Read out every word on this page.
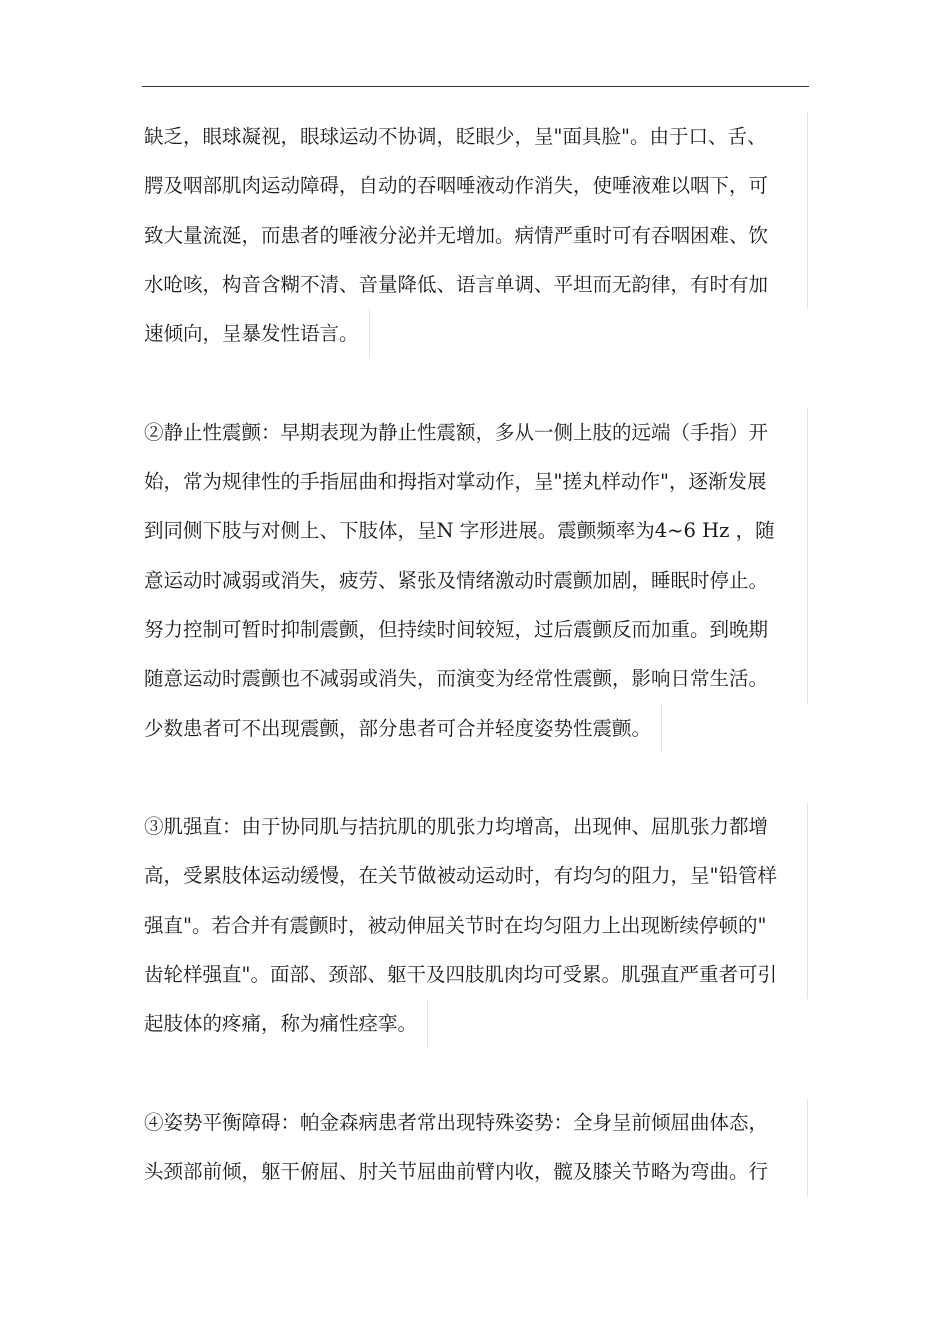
缺乏，眼球凝视，眼球运动不协调，眨眼少，呈"面具脸"。由于口、舌、
腭及咽部肌肉运动障碍，自动的吞咽唾液动作消失，使唾液难以咽下，可
致大量流涎，而患者的唾液分泌并无增加。病情严重时可有吞咽困难、饮
水呛咳，构音含糊不清、音量降低、语言单调、平坦而无韵律，有时有加
速倾向，呈暴发性语言。
②静止性震颤：早期表现为静止性震额，多从一侧上肢的远端（手指）开
始，常为规律性的手指屈曲和拇指对掌动作，呈"搓丸样动作"，逐渐发展
到同侧下肢与对侧上、下肢体，呈N 字形进展。震颤频率为4~6 Hz ，随
意运动时减弱或消失，疲劳、紧张及情绪激动时震颤加剧，睡眠时停止。
努力控制可暂时抑制震颤，但持续时间较短，过后震颤反而加重。到晚期
随意运动时震颤也不减弱或消失，而演变为经常性震颤，影响日常生活。
少数患者可不出现震颤，部分患者可合并轻度姿势性震颤。
③肌强直：由于协同肌与拮抗肌的肌张力均增高，出现伸、屈肌张力都增
高，受累肢体运动缓慢，在关节做被动运动时，有均匀的阻力，呈"铅管样
强直"。若合并有震颤时，被动伸屈关节时在均匀阻力上出现断续停顿的"
齿轮样强直"。面部、颈部、躯干及四肢肌肉均可受累。肌强直严重者可引
起肢体的疼痛，称为痛性痉挛。
④姿势平衡障碍：帕金森病患者常出现特殊姿势：全身呈前倾屈曲体态，
头颈部前倾，躯干俯屈、肘关节屈曲前臂内收，髋及膝关节略为弯曲。行
